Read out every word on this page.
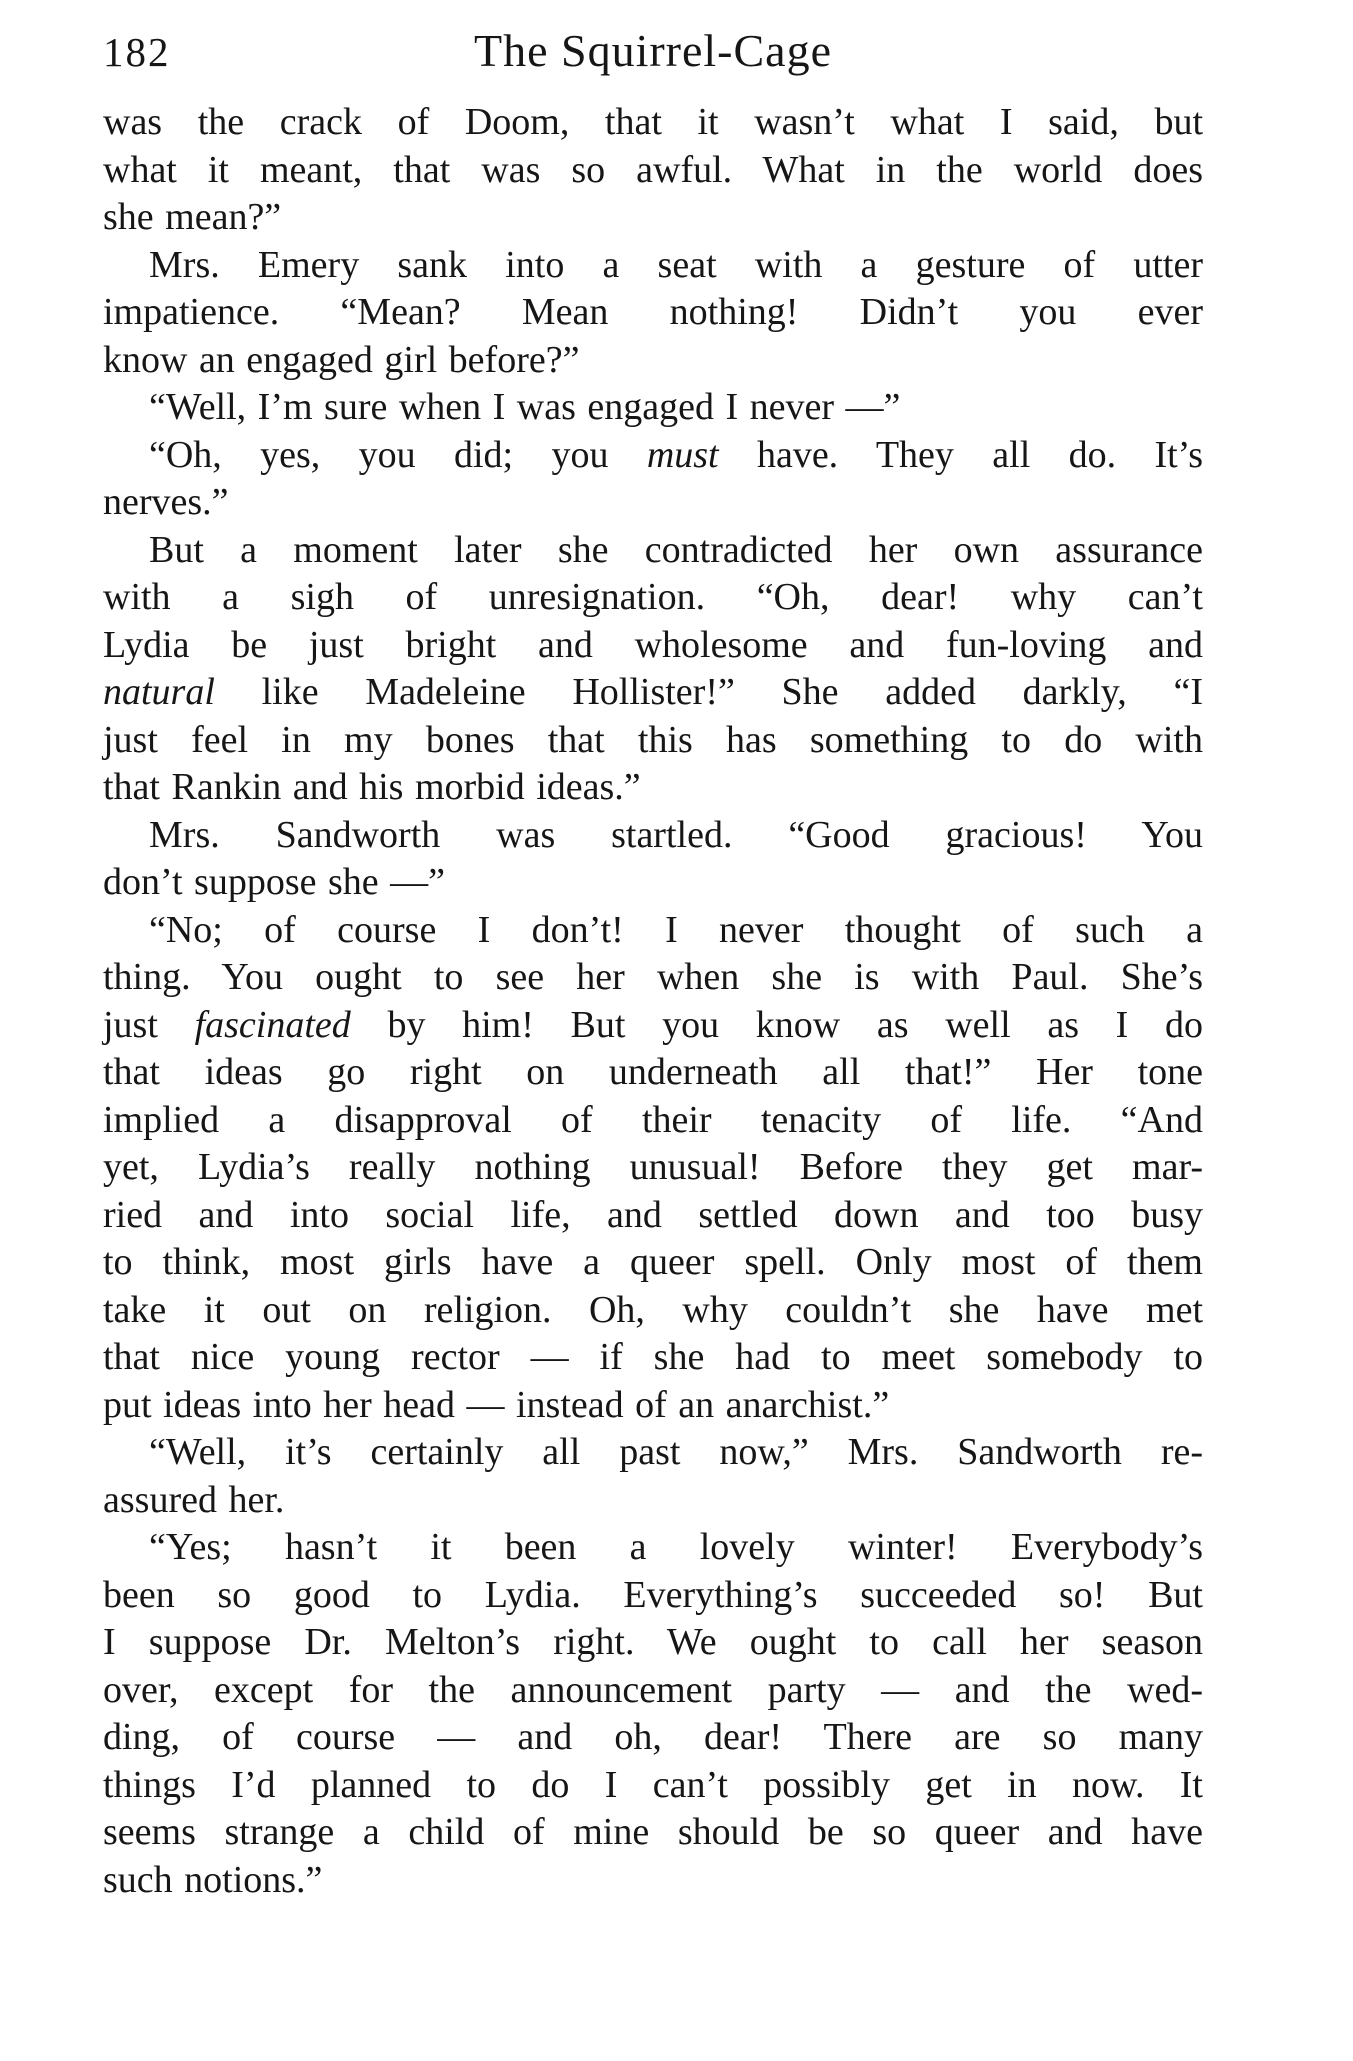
182	The Squirrel-Cage

was the crack of Doom, that it wasn’t what I said, but
what it meant, that was so awful. What in the world does
she mean?”

Mrs. Emery sank into a seat with a gesture of utter
impatience. “Mean? Mean nothing! Didn’t you ever
know an engaged girl before?”

“Well, I’m sure when I was engaged I never —”

“Oh, yes, you did; you must have. They all do. It’s
nerves.”

But a moment later she contradicted her own assurance
with a sigh of unresignation. “Oh, dear! why can’t
Lydia be just bright and wholesome and fun-loving and
natural like Madeleine Hollister!” She added darkly, “I
just feel in my bones that this has something to do with
that Rankin and his morbid ideas.”

Mrs. Sandworth was startled. “Good gracious! You
don’t suppose she —”

“No; of course I don’t! I never thought of such a
thing. You ought to see her when she is with Paul. She’s
just fascinated by him! But you know as well as I do
that ideas go right on underneath all that!” Her tone
implied a disapproval of their tenacity of life. “And
yet, Lydia’s really nothing unusual! Before they get mar-
ried and into social life, and settled down and too busy
to think, most girls have a queer spell. Only most of them
take it out on religion. Oh, why couldn’t she have met
that nice young rector — if she had to meet somebody to
put ideas into her head — instead of an anarchist.”

“Well, it’s certainly all past now,” Mrs. Sandworth re-
assured her.

“Yes; hasn’t it been a lovely winter! Everybody’s
been so good to Lydia. Everything’s succeeded so! But
I suppose Dr. Melton’s right. We ought to call her season
over, except for the announcement party — and the wed-
ding, of course — and oh, dear! There are so many
things I’d planned to do I can’t possibly get in now. It
seems strange a child of mine should be so queer and have
such notions.”
